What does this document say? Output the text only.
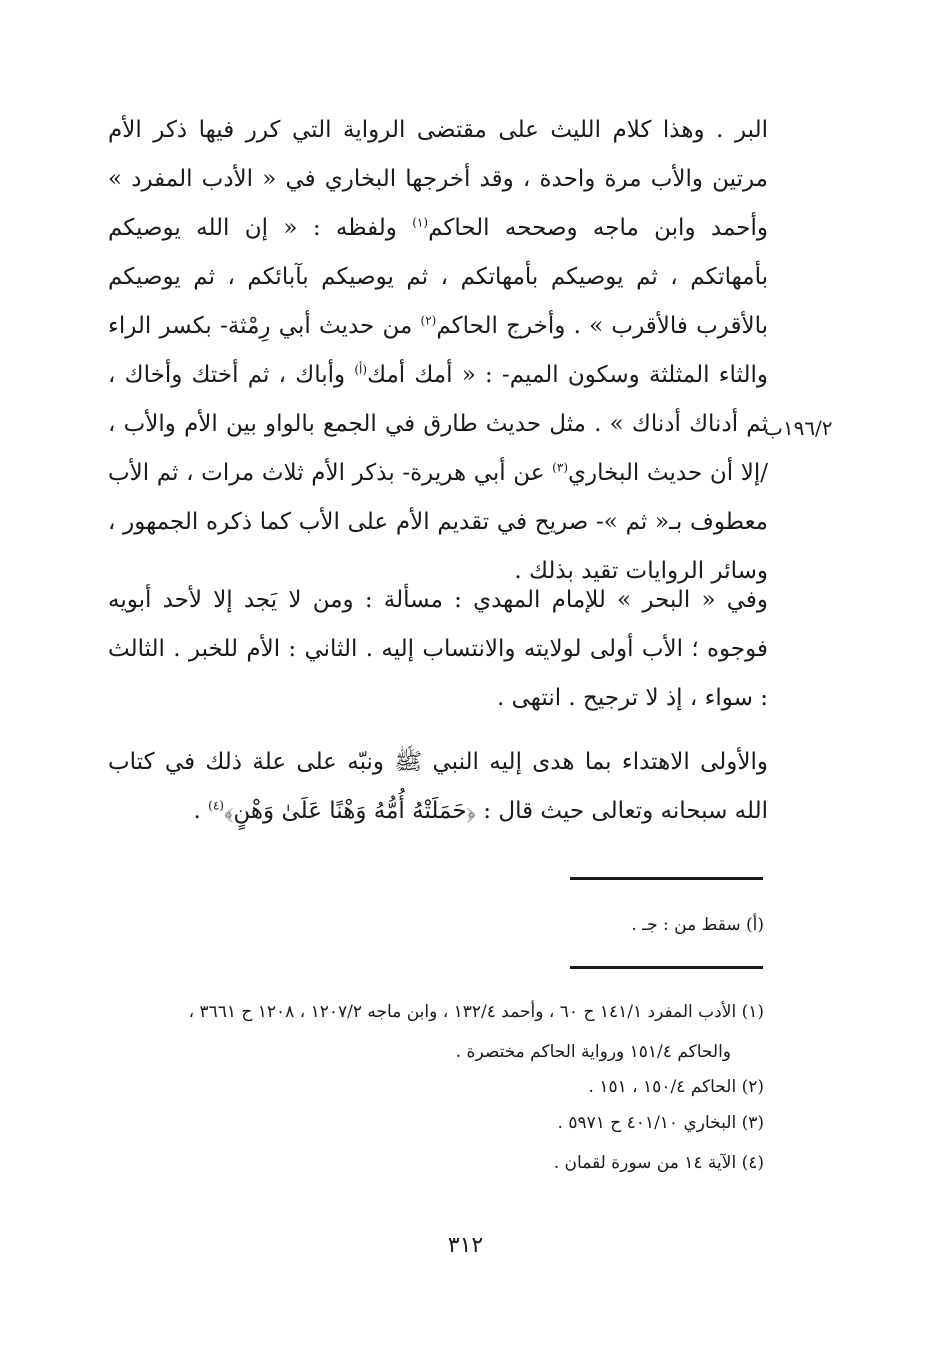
البر . وهذا كلام الليث على مقتضى الرواية التي كرر فيها ذكر الأم مرتين والأب مرة واحدة ، وقد أخرجها البخاري في « الأدب المفرد » وأحمد وابن ماجه وصححه الحاكم$^{(١)}$ ولفظه : « إن الله يوصيكم بأمهاتكم ، ثم يوصيكم بأمهاتكم ، ثم يوصيكم بآبائكم ، ثم يوصيكم بالأقرب فالأقرب » . وأخرج الحاكم$^{(٢)}$ من حديث أبي رِمْثة- بكسر الراء والثاء المثلثة وسكون الميم- : « أمك أمك$^{(أ)}$ وأباك ، ثم أختك وأخاك ، ثم أدناك أدناك » . مثل حديث طارق في الجمع بالواو بين الأم والأب ، /إلا أن حديث البخاري$^{(٣)}$ عن أبي هريرة- بذكر الأم ثلاث مرات ، ثم الأب معطوف بـ« ثم »- صريح في تقديم الأم على الأب كما ذكره الجمهور ، وسائر الروايات تقيد بذلك .

١٩٦/٢ب

وفي « البحر » للإمام المهدي : مسألة : ومن لا يَجد إلا لأحد أبويه فوجوه ؛ الأب أولى لولايته والانتساب إليه . الثاني : الأم للخبر . الثالث : سواء ، إذ لا ترجيح . انتهى .

والأولى الاهتداء بما هدى إليه النبي ﷺ ونبّه على علة ذلك في كتاب الله سبحانه وتعالى حيث قال : ﴿حَمَلَتْهُ أُمُّهُ وَهْنًا عَلَىٰ وَهْنٍ﴾$^{(٤)}$ .

(أ) سقط من : جـ .

(١) الأدب المفرد ١٤١/١ ح ٦٠ ، وأحمد ١٣٢/٤ ، وابن ماجه ١٢٠٧/٢ ، ١٢٠٨ ح ٣٦٦١ ،

والحاكم ١٥١/٤ ورواية الحاكم مختصرة .

(٢) الحاكم ١٥٠/٤ ، ١٥١ .

(٣) البخاري ٤٠١/١٠ ح ٥٩٧١ .

(٤) الآية ١٤ من سورة لقمان .

٣١٢
